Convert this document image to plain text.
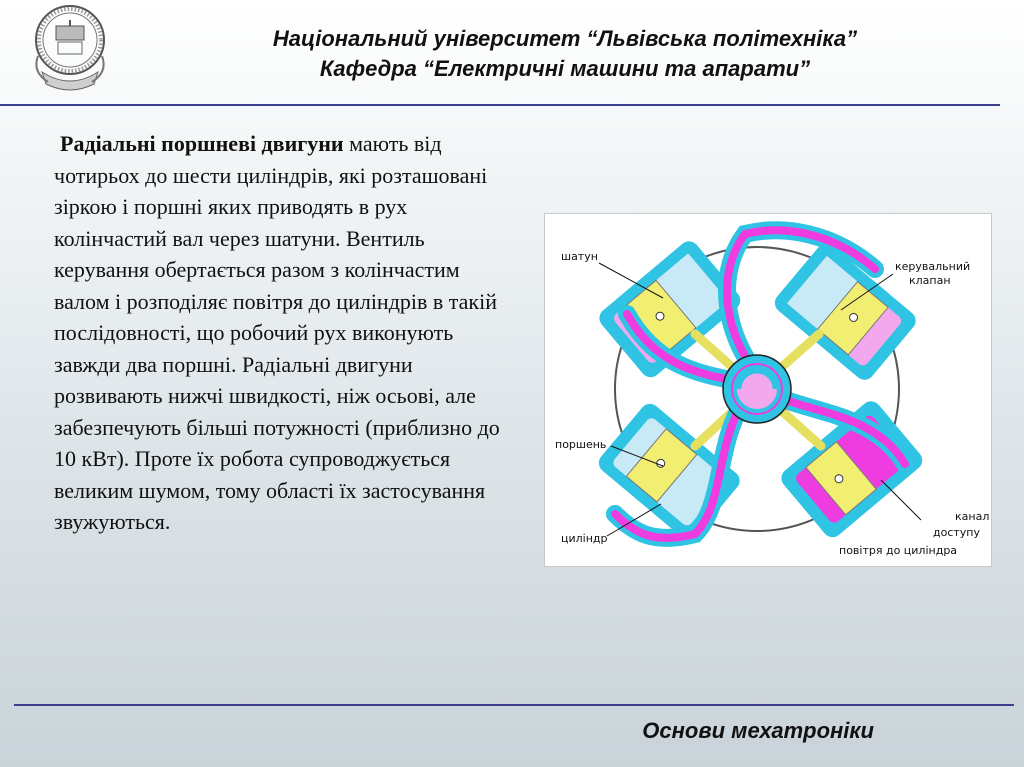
Національний університет “Львівська політехніка”
Кафедра “Електричні машини та апарати”

Радіальні поршневі двигуни мають від чотирьох до шести циліндрів, які розташовані зіркою і поршні яких приводять в рух колінчастий вал через шатуни. Вентиль керування обертається разом з колінчастим валом і розподіляє повітря до циліндрів в такій послідовності, що робочий рух виконують завжди два поршні. Радіальні двигуни розвивають нижчі швидкості, ніж осьові, але забезпечують більші потужності (приблизно до 10 кВт). Проте їх робота супроводжується великим шумом, тому області їх застосування звужуються.

шатун
керувальний
клапан
поршень
канал
доступу
повітря до циліндра
циліндр
Основи мехатроніки
